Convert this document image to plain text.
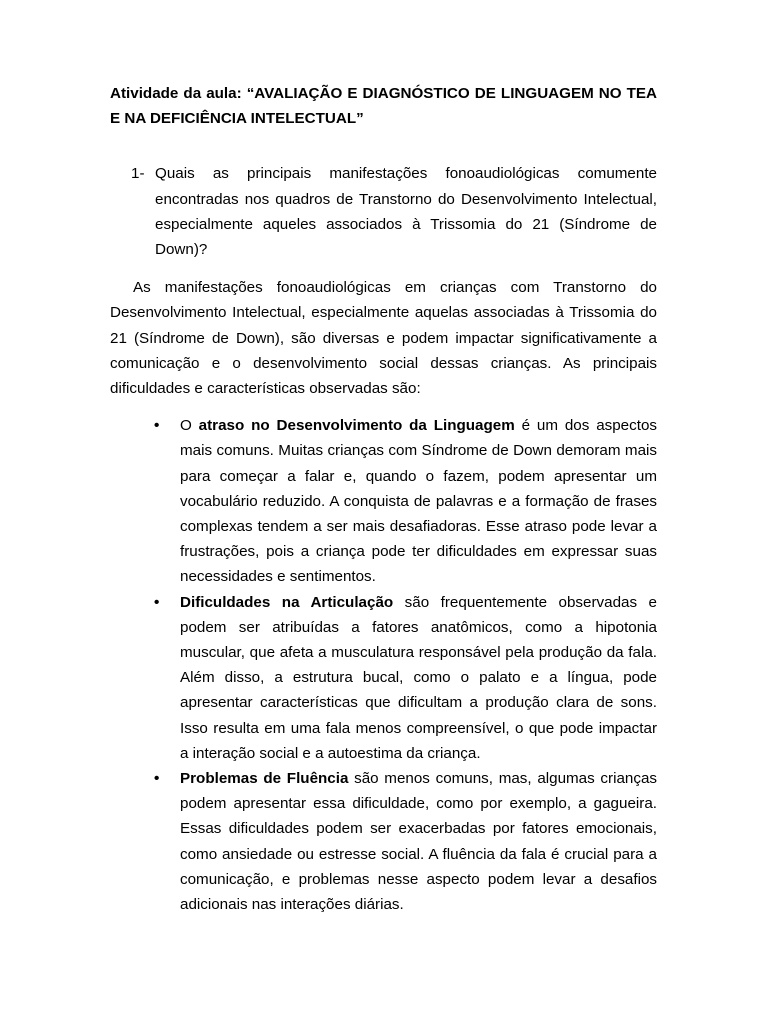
Atividade da aula: “AVALIAÇÃO E DIAGNÓSTICO DE LINGUAGEM NO TEA E NA DEFICIÊNCIA INTELECTUAL”

1- Quais as principais manifestações fonoaudiológicas comumente encontradas nos quadros de Transtorno do Desenvolvimento Intelectual, especialmente aqueles associados à Trissomia do 21 (Síndrome de Down)?

As manifestações fonoaudiológicas em crianças com Transtorno do Desenvolvimento Intelectual, especialmente aquelas associadas à Trissomia do 21 (Síndrome de Down), são diversas e podem impactar significativamente a comunicação e o desenvolvimento social dessas crianças. As principais dificuldades e características observadas são:

•	O atraso no Desenvolvimento da Linguagem é um dos aspectos mais comuns. Muitas crianças com Síndrome de Down demoram mais para começar a falar e, quando o fazem, podem apresentar um vocabulário reduzido. A conquista de palavras e a formação de frases complexas tendem a ser mais desafiadoras. Esse atraso pode levar a frustrações, pois a criança pode ter dificuldades em expressar suas necessidades e sentimentos.
•	Dificuldades na Articulação são frequentemente observadas e podem ser atribuídas a fatores anatômicos, como a hipotonia muscular, que afeta a musculatura responsável pela produção da fala. Além disso, a estrutura bucal, como o palato e a língua, pode apresentar características que dificultam a produção clara de sons. Isso resulta em uma fala menos compreensível, o que pode impactar a interação social e a autoestima da criança.
•	Problemas de Fluência são menos comuns, mas, algumas crianças podem apresentar essa dificuldade, como por exemplo, a gagueira. Essas dificuldades podem ser exacerbadas por fatores emocionais, como ansiedade ou estresse social. A fluência da fala é crucial para a comunicação, e problemas nesse aspecto podem levar a desafios adicionais nas interações diárias.
